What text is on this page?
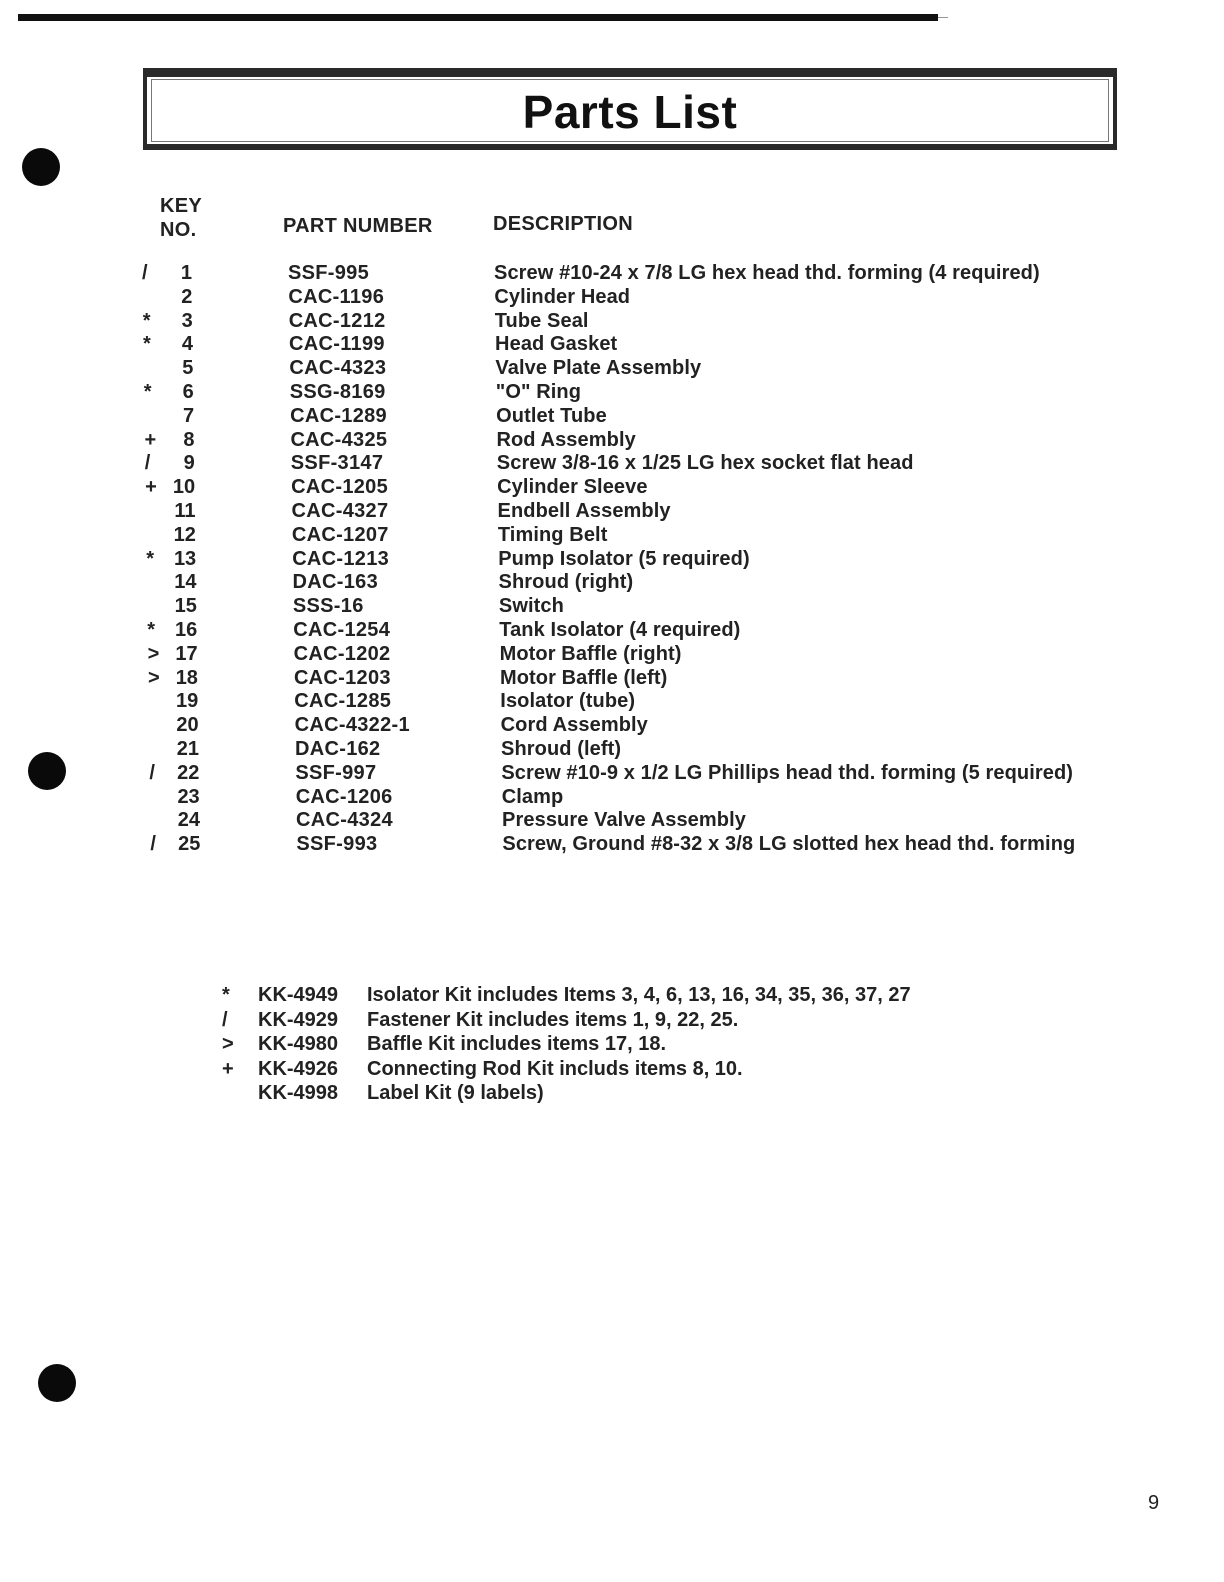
Parts List
KEY
NO.	PART NUMBER	DESCRIPTION
/	1	SSF-995	Screw #10-24 x 7/8 LG hex head thd. forming (4 required)
2	CAC-1196	Cylinder Head
*	3	CAC-1212	Tube Seal
*	4	CAC-1199	Head Gasket
5	CAC-4323	Valve Plate Assembly
*	6	SSG-8169	"O" Ring
7	CAC-1289	Outlet Tube
+	8	CAC-4325	Rod Assembly
/	9	SSF-3147	Screw 3/8-16 x 1/25 LG hex socket flat head
+ 10	CAC-1205	Cylinder Sleeve
11	CAC-4327	Endbell Assembly
12	CAC-1207	Timing Belt
* 13	CAC-1213	Pump Isolator (5 required)
14	DAC-163	Shroud (right)
15	SSS-16	Switch
* 16	CAC-1254	Tank Isolator (4 required)
> 17	CAC-1202	Motor Baffle (right)
> 18	CAC-1203	Motor Baffle (left)
19	CAC-1285	Isolator (tube)
20	CAC-4322-1	Cord Assembly
21	DAC-162	Shroud (left)
/	22	SSF-997	Screw #10-9 x 1/2 LG Phillips head thd. forming (5 required)
23	CAC-1206	Clamp
24	CAC-4324	Pressure Valve Assembly
/	25	SSF-993	Screw, Ground #8-32 x 3/8 LG slotted hex head thd. forming
*	KK-4949 Isolator Kit includes Items 3, 4, 6, 13, 16, 34, 35, 36, 37, 27
/	KK-4929 Fastener Kit includes items 1, 9, 22, 25.
>	KK-4980 Baffle Kit includes items 17, 18.
+	KK-4926 Connecting Rod Kit includs items 8, 10.
KK-4998 Label Kit (9 labels)
9
